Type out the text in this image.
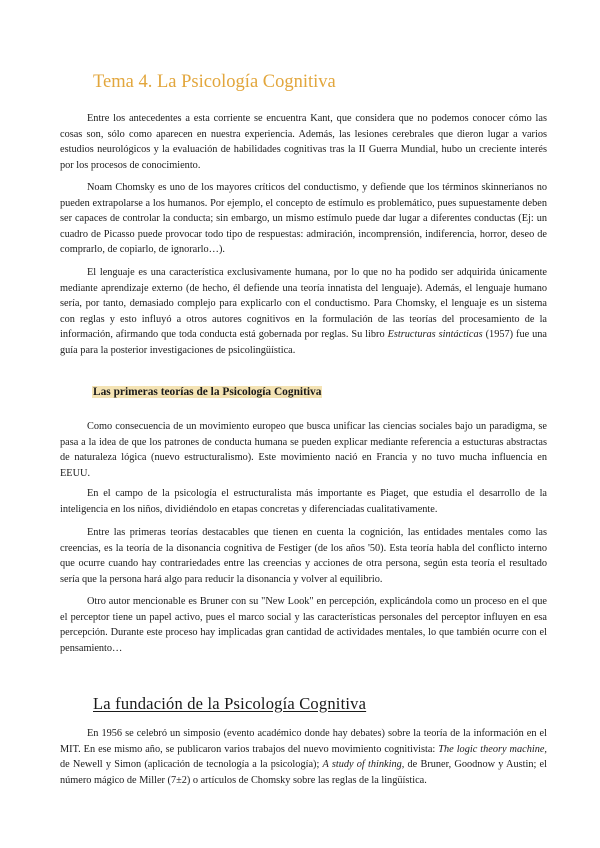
Tema 4. La Psicología Cognitiva

Entre los antecedentes a esta corriente se encuentra Kant, que considera que no podemos conocer cómo las cosas son, sólo como aparecen en nuestra experiencia. Además, las lesiones cerebrales que dieron lugar a varios estudios neurológicos y la evaluación de habilidades cognitivas tras la II Guerra Mundial, hubo un creciente interés por los procesos de conocimiento.

Noam Chomsky es uno de los mayores críticos del conductismo, y defiende que los términos skinnerianos no pueden extrapolarse a los humanos. Por ejemplo, el concepto de estímulo es problemático, pues supuestamente deben ser capaces de controlar la conducta; sin embargo, un mismo estímulo puede dar lugar a diferentes conductas (Ej: un cuadro de Picasso puede provocar todo tipo de respuestas: admiración, incomprensión, indiferencia, horror, deseo de comprarlo, de copiarlo, de ignorarlo…).

El lenguaje es una característica exclusivamente humana, por lo que no ha podido ser adquirida únicamente mediante aprendizaje externo (de hecho, él defiende una teoría innatista del lenguaje). Además, el lenguaje humano sería, por tanto, demasiado complejo para explicarlo con el conductismo. Para Chomsky, el lenguaje es un sistema con reglas y esto influyó a otros autores cognitivos en la formulación de las teorías del procesamiento de la información, afirmando que toda conducta está gobernada por reglas. Su libro Estructuras sintácticas (1957) fue una guía para la posterior investigaciones de psicolingüística.

Las primeras teorías de la Psicología Cognitiva

Como consecuencia de un movimiento europeo que busca unificar las ciencias sociales bajo un paradigma, se pasa a la idea de que los patrones de conducta humana se pueden explicar mediante referencia a estucturas abstractas de naturaleza lógica (nuevo estructuralismo). Este movimiento nació en Francia y no tuvo mucha influencia en EEUU.

En el campo de la psicología el estructuralista más importante es Piaget, que estudia el desarrollo de la inteligencia en los niños, dividiéndolo en etapas concretas y diferenciadas cualitativamente.

Entre las primeras teorías destacables que tienen en cuenta la cognición, las entidades mentales como las creencias, es la teoría de la disonancia cognitiva de Festiger (de los años '50). Esta teoría habla del conflicto interno que ocurre cuando hay contrariedades entre las creencias y acciones de otra persona, según esta teoría el resultado sería que la persona hará algo para reducir la disonancia y volver al equilibrio.

Otro autor mencionable es Bruner con su "New Look" en percepción, explicándola como un proceso en el que el perceptor tiene un papel activo, pues el marco social y las características personales del perceptor influyen en esa percepción. Durante este proceso hay implicadas gran cantidad de actividades mentales, lo que también ocurre con el pensamiento…

La fundación de la Psicología Cognitiva

En 1956 se celebró un simposio (evento académico donde hay debates) sobre la teoría de la información en el MIT. En ese mismo año, se publicaron varios trabajos del nuevo movimiento cognitivista: The logic theory machine, de Newell y Simon (aplicación de tecnología a la psicología); A study of thinking, de Bruner, Goodnow y Austin; el número mágico de Miller (7±2) o artículos de Chomsky sobre las reglas de la lingüística.
